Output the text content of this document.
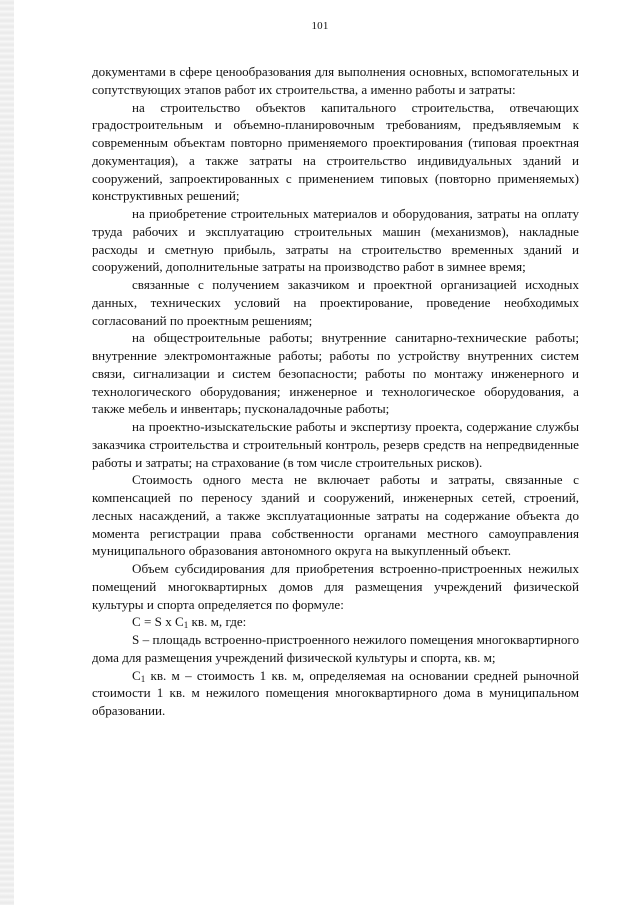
101

документами в сфере ценообразования для выполнения основных, вспомогательных и сопутствующих этапов работ их строительства, а именно работы и затраты:

на строительство объектов капитального строительства, отвечающих градостроительным и объемно-планировочным требованиям, предъявляемым к современным объектам повторно применяемого проектирования (типовая проектная документация), а также затраты на строительство индивидуальных зданий и сооружений, запроектированных с применением типовых (повторно применяемых) конструктивных решений;

на приобретение строительных материалов и оборудования, затраты на оплату труда рабочих и эксплуатацию строительных машин (механизмов), накладные расходы и сметную прибыль, затраты на строительство временных зданий и сооружений, дополнительные затраты на производство работ в зимнее время;

связанные с получением заказчиком и проектной организацией исходных данных, технических условий на проектирование, проведение необходимых согласований по проектным решениям;

на общестроительные работы; внутренние санитарно-технические работы; внутренние электромонтажные работы; работы по устройству внутренних систем связи, сигнализации и систем безопасности; работы по монтажу инженерного и технологического оборудования; инженерное и технологическое оборудования, а также мебель и инвентарь; пусконаладочные работы;

на проектно-изыскательские работы и экспертизу проекта, содержание службы заказчика строительства и строительный контроль, резерв средств на непредвиденные работы и затраты; на страхование (в том числе строительных рисков).

Стоимость одного места не включает работы и затраты, связанные с компенсацией по переносу зданий и сооружений, инженерных сетей, строений, лесных насаждений, а также эксплуатационные затраты на содержание объекта до момента регистрации права собственности органами местного самоуправления муниципального образования автономного округа на выкупленный объект.

Объем субсидирования для приобретения встроенно-пристроенных нежилых помещений многоквартирных домов для размещения учреждений физической культуры и спорта определяется по формуле:

С = S x $С_1$ кв. м, где:

S – площадь встроенно-пристроенного нежилого помещения многоквартирного дома для размещения учреждений физической культуры и спорта, кв. м;

$С_1$ кв. м – стоимость 1 кв. м, определяемая на основании средней рыночной стоимости 1 кв. м нежилого помещения многоквартирного дома в муниципальном образовании.
